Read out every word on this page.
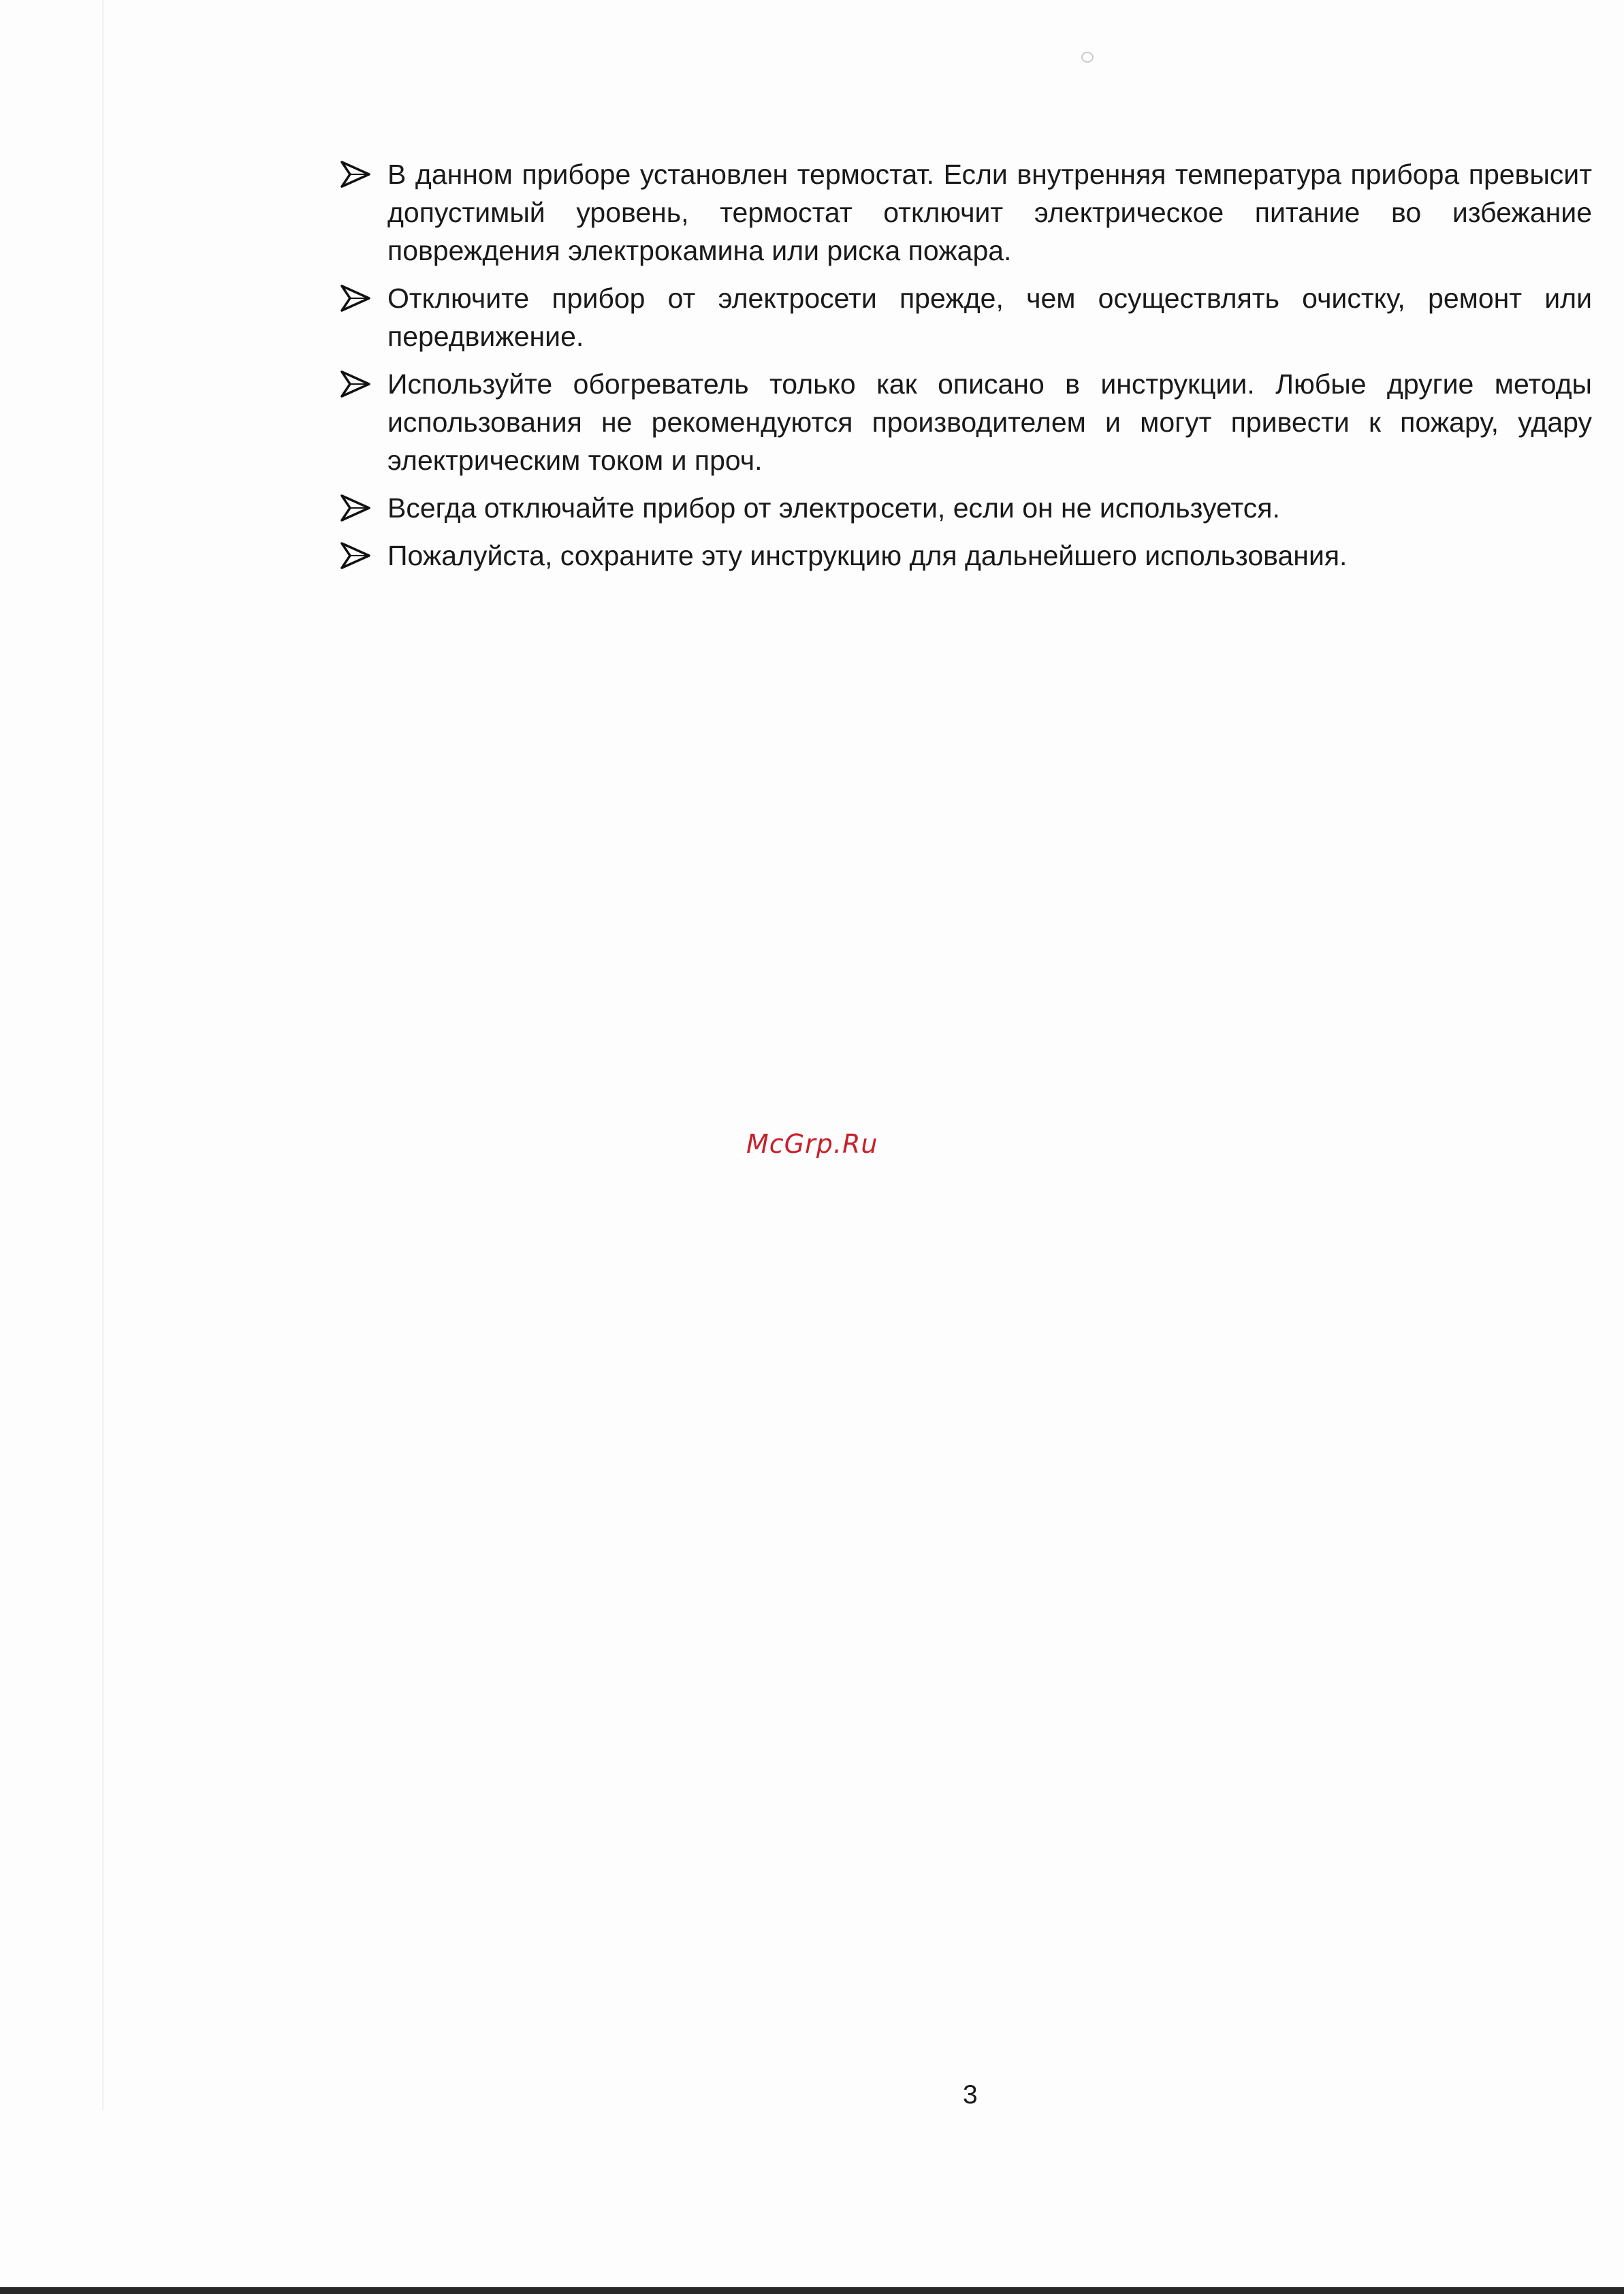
В данном приборе установлен термостат. Если внутренняя температура прибора превысит допустимый уровень, термостат отключит электрическое питание во избежание повреждения электрокамина или риска пожара.
Отключите прибор от электросети прежде, чем осуществлять очистку, ремонт или передвижение.
Используйте обогреватель только как описано в инструкции. Любые другие методы использования не рекомендуются производителем и могут привести к пожару, удару электрическим током и проч.
Всегда отключайте прибор от электросети, если он не используется.
Пожалуйста, сохраните эту инструкцию для дальнейшего использования.
McGrp.Ru
3
